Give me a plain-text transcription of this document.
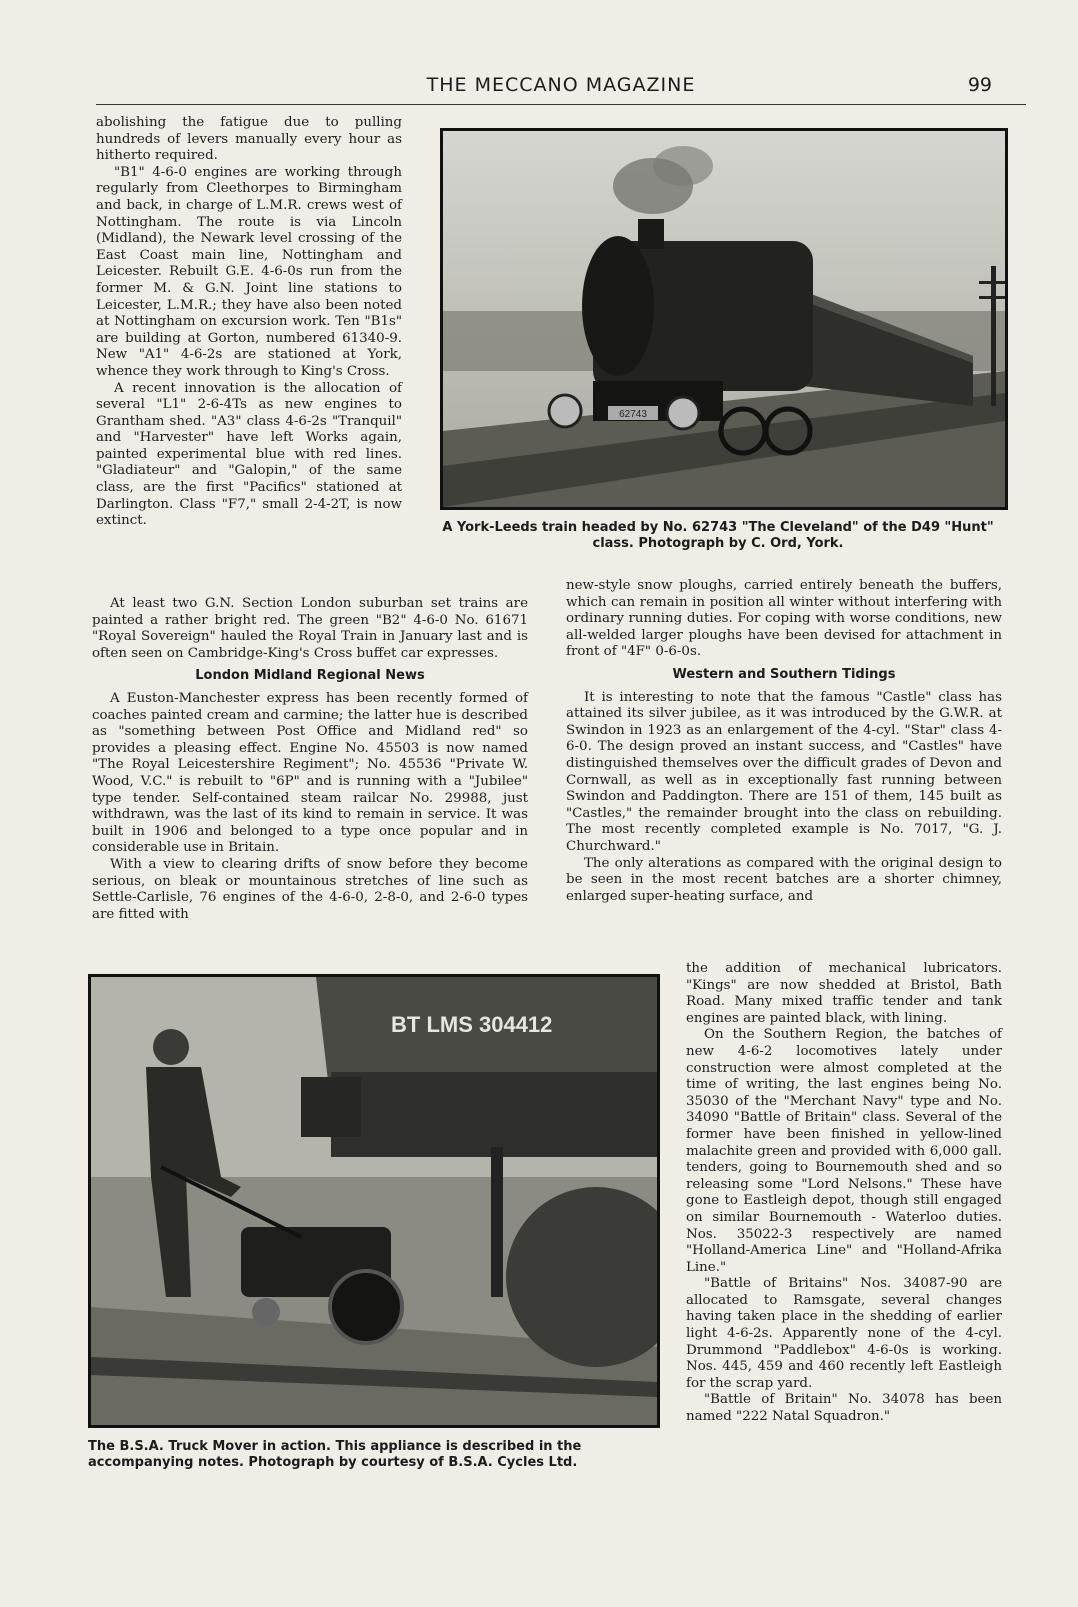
THE MECCANO MAGAZINE	99

abolishing the fatigue due to pulling hundreds of levers manually every hour as hitherto required.

"B1" 4-6-0 engines are working through regularly from Cleethorpes to Birmingham and back, in charge of L.M.R. crews west of Nottingham. The route is via Lincoln (Midland), the Newark level crossing of the East Coast main line, Nottingham and Leicester. Rebuilt G.E. 4-6-0s run from the former M. & G.N. Joint line stations to Leicester, L.M.R.; they have also been noted at Nottingham on excursion work. Ten "B1s" are building at Gorton, numbered 61340-9. New "A1" 4-6-2s are stationed at York, whence they work through to King's Cross.

A recent innovation is the allocation of several "L1" 2-6-4Ts as new engines to Grantham shed. "A3" class 4-6-2s "Tranquil" and "Harvester" have left Works again, painted experimental blue with red lines. "Gladiateur" and "Galopin," of the same class, are the first "Pacifics" stationed at Darlington. Class "F7," small 2-4-2T, is now extinct.

At least two G.N. Section London suburban set trains are painted a rather bright red. The green "B2" 4-6-0 No. 61671 "Royal Sovereign" hauled the Royal Train in January last and is often seen on Cambridge-King's Cross buffet car expresses.

London Midland Regional News

A Euston-Manchester express has been recently formed of coaches painted cream and carmine; the latter hue is described as "something between Post Office and Midland red" so provides a pleasing effect. Engine No. 45503 is now named "The Royal Leicestershire Regiment"; No. 45536 "Private W. Wood, V.C." is rebuilt to "6P" and is running with a "Jubilee" type tender. Self-contained steam railcar No. 29988, just withdrawn, was the last of its kind to remain in service. It was built in 1906 and belonged to a type once popular and in considerable use in Britain.

With a view to clearing drifts of snow before they become serious, on bleak or mountainous stretches of line such as Settle-Carlisle, 76 engines of the 4-6-0, 2-8-0, and 2-6-0 types are fitted with

new-style snow ploughs, carried entirely beneath the buffers, which can remain in position all winter without interfering with ordinary running duties. For coping with worse conditions, new all-welded larger ploughs have been devised for attachment in front of "4F" 0-6-0s.

Western and Southern Tidings

It is interesting to note that the famous "Castle" class has attained its silver jubilee, as it was introduced by the G.W.R. at Swindon in 1923 as an enlargement of the 4-cyl. "Star" class 4-6-0. The design proved an instant success, and "Castles" have distinguished themselves over the difficult grades of Devon and Cornwall, as well as in exceptionally fast running between Swindon and Paddington. There are 151 of them, 145 built as "Castles," the remainder brought into the class on rebuilding. The most recently completed example is No. 7017, "G. J. Churchward."

The only alterations as compared with the original design to be seen in the most recent batches are a shorter chimney, enlarged super-heating surface, and

the addition of mechanical lubricators. "Kings" are now shedded at Bristol, Bath Road. Many mixed traffic tender and tank engines are painted black, with lining.

On the Southern Region, the batches of new 4-6-2 locomotives lately under construction were almost completed at the time of writing, the last engines being No. 35030 of the "Merchant Navy" type and No. 34090 "Battle of Britain" class. Several of the former have been finished in yellow-lined malachite green and provided with 6,000 gall. tenders, going to Bournemouth shed and so releasing some "Lord Nelsons." These have gone to Eastleigh depot, though still engaged on similar Bournemouth - Waterloo duties. Nos. 35022-3 respectively are named "Holland-America Line" and "Holland-Afrika Line."

"Battle of Britains" Nos. 34087-90 are allocated to Ramsgate, several changes having taken place in the shedding of earlier light 4-6-2s. Apparently none of the 4-cyl. Drummond "Paddlebox" 4-6-0s is working. Nos. 445, 459 and 460 recently left Eastleigh for the scrap yard.

"Battle of Britain" No. 34078 has been named "222 Natal Squadron."

62743
A York-Leeds train headed by No. 62743 "The Cleveland" of the D49 "Hunt" class. Photograph by C. Ord, York.
BT LMS 304412
The B.S.A. Truck Mover in action. This appliance is described in the accompanying notes. Photograph by courtesy of B.S.A. Cycles Ltd.
